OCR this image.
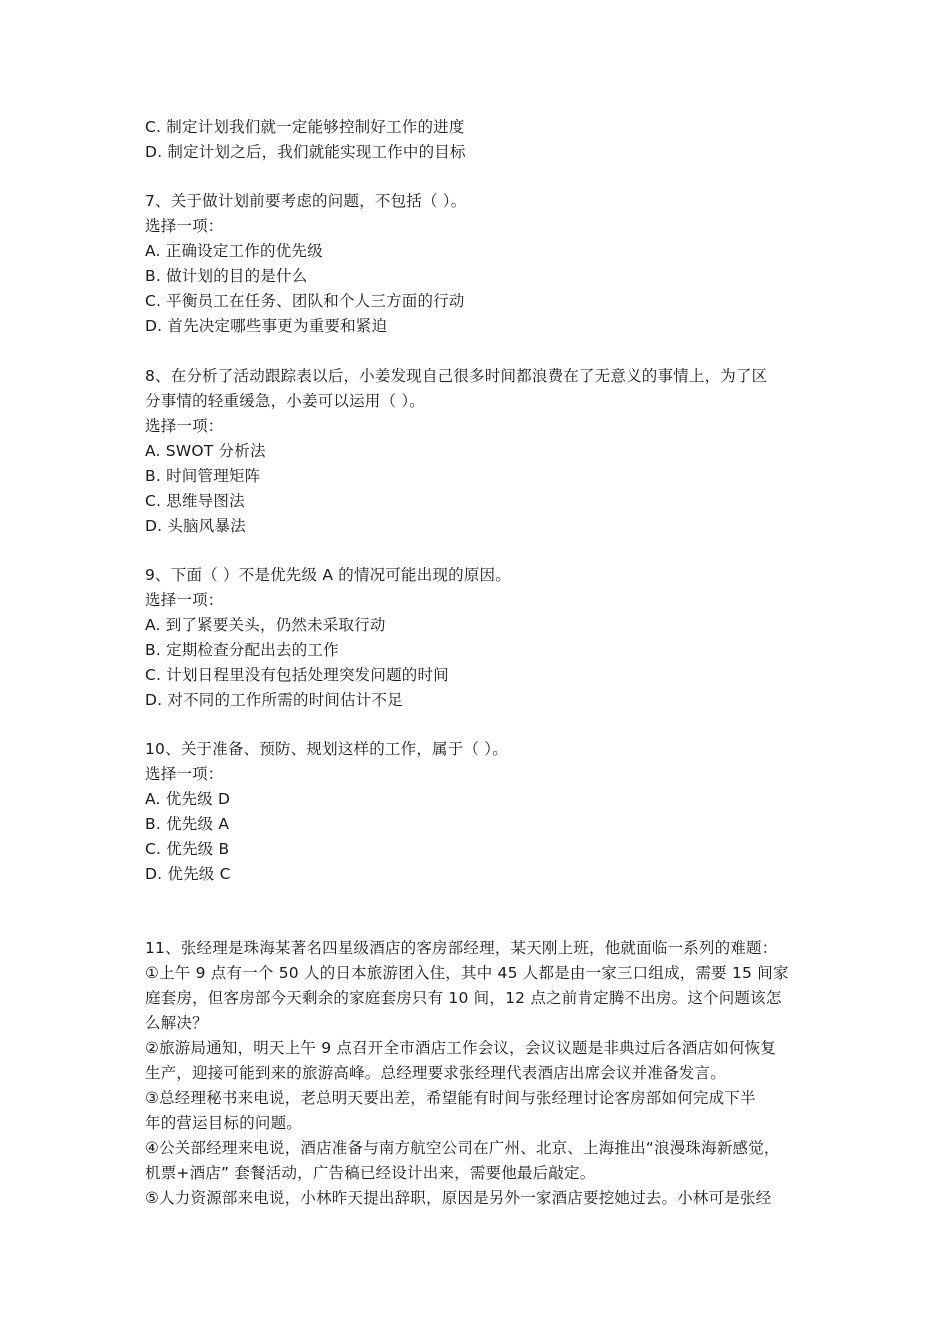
C. 制定计划我们就一定能够控制好工作的进度
D. 制定计划之后，我们就能实现工作中的目标
7、关于做计划前要考虑的问题，不包括（ ）。
选择一项：
A. 正确设定工作的优先级
B. 做计划的目的是什么
C. 平衡员工在任务、团队和个人三方面的行动
D. 首先决定哪些事更为重要和紧迫
8、在分析了活动跟踪表以后，小姜发现自己很多时间都浪费在了无意义的事情上，为了区
分事情的轻重缓急，小姜可以运用（ ）。
选择一项：
A. SWOT 分析法
B. 时间管理矩阵
C. 思维导图法
D. 头脑风暴法
9、下面（ ）不是优先级 A 的情况可能出现的原因。
选择一项：
A. 到了紧要关头，仍然未采取行动
B. 定期检查分配出去的工作
C. 计划日程里没有包括处理突发问题的时间
D. 对不同的工作所需的时间估计不足
10、关于准备、预防、规划这样的工作，属于（ ）。
选择一项：
A. 优先级 D
B. 优先级 A
C. 优先级 B
D. 优先级 C
11、张经理是珠海某著名四星级酒店的客房部经理，某天刚上班，他就面临一系列的难题：
①上午 9 点有一个 50 人的日本旅游团入住，其中 45 人都是由一家三口组成，需要 15 间家
庭套房，但客房部今天剩余的家庭套房只有 10 间，12 点之前肯定腾不出房。这个问题该怎
么解决？
②旅游局通知，明天上午 9 点召开全市酒店工作会议，会议议题是非典过后各酒店如何恢复
生产，迎接可能到来的旅游高峰。总经理要求张经理代表酒店出席会议并准备发言。
③总经理秘书来电说，老总明天要出差，希望能有时间与张经理讨论客房部如何完成下半
年的营运目标的问题。
④公关部经理来电说，酒店准备与南方航空公司在广州、北京、上海推出“浪漫珠海新感觉，
机票+酒店” 套餐活动，广告稿已经设计出来，需要他最后敲定。
⑤人力资源部来电说，小林昨天提出辞职，原因是另外一家酒店要挖她过去。小林可是张经
